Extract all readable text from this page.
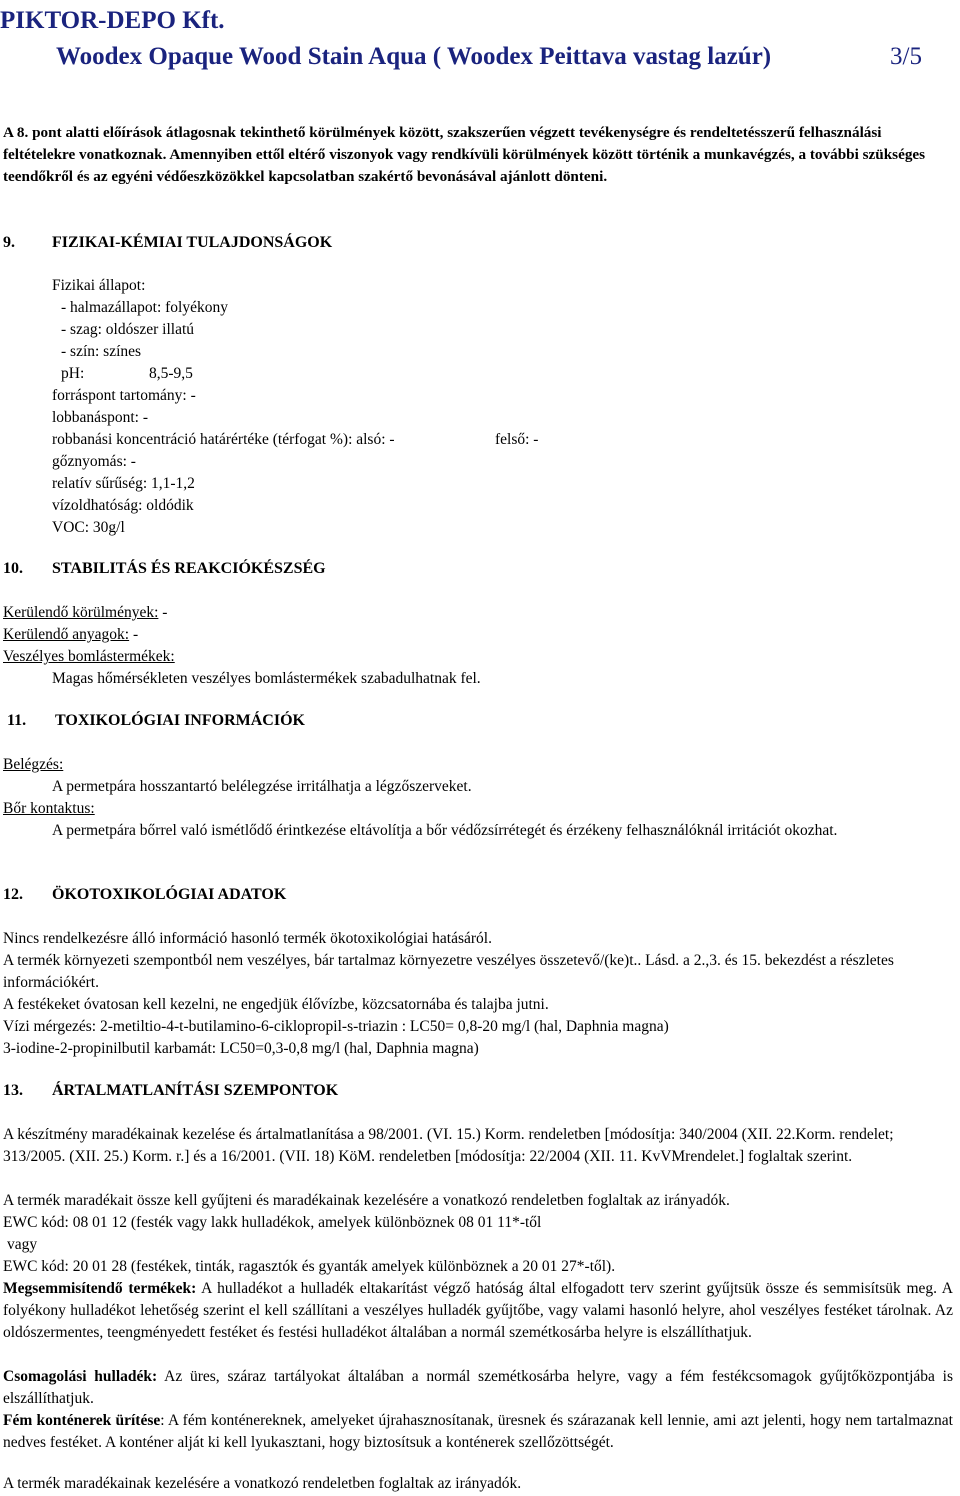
PIKTOR-DEPO Kft.
Woodex Opaque Wood Stain Aqua ( Woodex Peittava vastag lazúr)	3/5
A 8. pont alatti előírások átlagosnak tekinthető körülmények között, szakszerűen végzett tevékenységre és rendeltetésszerű felhasználási feltételekre vonatkoznak. Amennyiben ettől eltérő viszonyok vagy rendkívüli körülmények között történik a munkavégzés, a további szükséges teendőkről és az egyéni védőeszközökkel kapcsolatban szakértő bevonásával ajánlott dönteni.
9. FIZIKAI-KÉMIAI TULAJDONSÁGOK
Fizikai állapot:
- halmazállapot: folyékony
- szag: oldószer illatú
- szín: színes
pH:	8,5-9,5
forráspont tartomány: -
lobbanáspont: -
robbanási koncentráció határértéke (térfogat %): alsó: -	felső: -
gőznyomás: -
relatív sűrűség: 1,1-1,2
vízoldhatóság: oldódik
VOC: 30g/l
10. STABILITÁS ÉS REAKCIÓKÉSZSÉG
Kerülendő körülmények: -
Kerülendő anyagok: -
Veszélyes bomlástermékek:
Magas hőmérsékleten veszélyes bomlástermékek szabadulhatnak fel.
11. TOXIKOLÓGIAI INFORMÁCIÓK
Belégzés:
A permetpára hosszantartó belélegzése irritálhatja a légzőszerveket.
Bőr kontaktus:
A permetpára bőrrel való ismétlődő érintkezése eltávolítja a bőr védőzsírrétegét és érzékeny felhasználóknál irritációt okozhat.
12. ÖKOTOXIKOLÓGIAI ADATOK
Nincs rendelkezésre álló információ hasonló termék ökotoxikológiai hatásáról.
A termék környezeti szempontból nem veszélyes, bár tartalmaz környezetre veszélyes összetevő/(ke)t.. Lásd. a 2.,3. és 15. bekezdést a részletes információkért.
A festékeket óvatosan kell kezelni, ne engedjük élővízbe, közcsatornába és talajba jutni.
Vízi mérgezés: 2-metiltio-4-t-butilamino-6-ciklopropil-s-triazin : LC50= 0,8-20 mg/l (hal, Daphnia magna)
3-iodine-2-propinilbutil karbamát: LC50=0,3-0,8 mg/l (hal, Daphnia magna)
13. ÁRTALMATLANÍTÁSI SZEMPONTOK
A készítmény maradékainak kezelése és ártalmatlanítása a 98/2001. (VI. 15.) Korm. rendeletben [módosítja: 340/2004 (XII. 22.Korm. rendelet; 313/2005. (XII. 25.) Korm. r.] és a 16/2001. (VII. 18) KöM. rendeletben [módosítja: 22/2004 (XII. 11. KvVMrendelet.] foglaltak szerint.
A termék maradékait össze kell gyűjteni és maradékainak kezelésére a vonatkozó rendeletben foglaltak az irányadók.
EWC kód: 08 01 12 (festék vagy lakk hulladékok, amelyek különböznek 08 01 11*-től
vagy
EWC kód: 20 01 28 (festékek, tinták, ragasztók és gyanták amelyek különböznek a 20 01 27*-től).
Megsemmisítendő termékek: A hulladékot a hulladék eltakarítást végző hatóság által elfogadott terv szerint gyűjtsük össze és semmisítsük meg. A folyékony hulladékot lehetőség szerint el kell szállítani a veszélyes hulladék gyűjtőbe, vagy valami hasonló helyre, ahol veszélyes festéket tárolnak. Az oldószermentes, teengményedett festéket és festési hulladékot általában a normál szemétkosárba helyre is elszállíthatjuk.
Csomagolási hulladék: Az üres, száraz tartályokat általában a normál szemétkosárba helyre, vagy a fém festékcsomagok gyűjtőközpontjába is elszállíthatjuk.
Fém konténerek ürítése: A fém konténereknek, amelyeket újrahasznosítanak, üresnek és szárazanak kell lennie, ami azt jelenti, hogy nem tartalmaznat nedves festéket. A konténer alját ki kell lyukasztani, hogy biztosítsuk a konténerek szellőzöttségét.
A termék maradékainak kezelésére a vonatkozó rendeletben foglaltak az irányadók.
